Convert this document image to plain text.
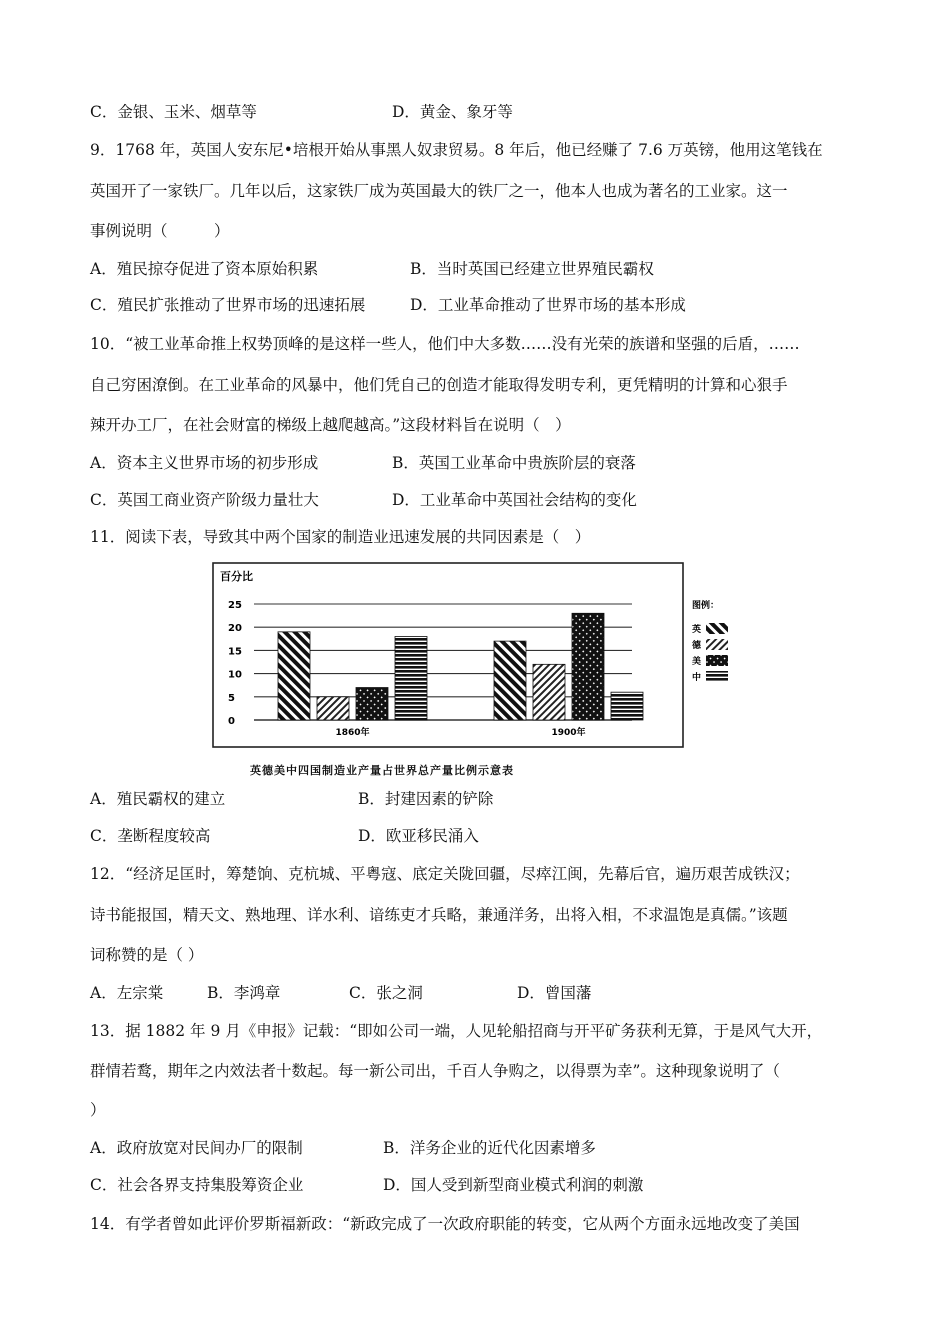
C．金银、玉米、烟草等	D．黄金、象牙等
9．1768 年，英国人安东尼•培根开始从事黑人奴隶贸易。8 年后，他已经赚了 7.6 万英镑，他用这笔钱在
英国开了一家铁厂。几年以后，这家铁厂成为英国最大的铁厂之一，他本人也成为著名的工业家。这一
事例说明（　　　）
A．殖民掠夺促进了资本原始积累	B．当时英国已经建立世界殖民霸权
C．殖民扩张推动了世界市场的迅速拓展	D．工业革命推动了世界市场的基本形成
10．“被工业革命推上权势顶峰的是这样一些人，他们中大多数……没有光荣的族谱和坚强的后盾，……
自己穷困潦倒。在工业革命的风暴中，他们凭自己的创造才能取得发明专利，更凭精明的计算和心狠手
辣开办工厂，在社会财富的梯级上越爬越高。”这段材料旨在说明（　）
A．资本主义世界市场的初步形成	B．英国工业革命中贵族阶层的衰落
C．英国工商业资产阶级力量壮大	D．工业革命中英国社会结构的变化
11．阅读下表，导致其中两个国家的制造业迅速发展的共同因素是（　）
百分比
0
5
10
15
20
25
1860年	1900年
图例：
英
德
美
中
英德美中四国制造业产量占世界总产量比例示意表
A．殖民霸权的建立	B．封建因素的铲除
C．垄断程度较高	D．欧亚移民涌入
12．“经济足匡时，筹楚饷、克杭城、平粤寇、底定关陇回疆，尽瘁江闽，先幕后官，遍历艰苦成铁汉；
诗书能报国，精天文、熟地理、详水利、谙练吏才兵略，兼通洋务，出将入相，不求温饱是真儒。”该题
词称赞的是（ ）
A．左宗棠	B．李鸿章	C．张之洞	D．曾国藩
13．据 1882 年 9 月《申报》记载：“即如公司一端，人见轮船招商与开平矿务获利无算，于是风气大开，
群情若鹜，期年之内效法者十数起。每一新公司出，千百人争购之，以得票为幸”。这种现象说明了（
）
A．政府放宽对民间办厂的限制	B．洋务企业的近代化因素增多
C．社会各界支持集股筹资企业	D．国人受到新型商业模式利润的刺激
14．有学者曾如此评价罗斯福新政：“新政完成了一次政府职能的转变，它从两个方面永远地改变了美国
